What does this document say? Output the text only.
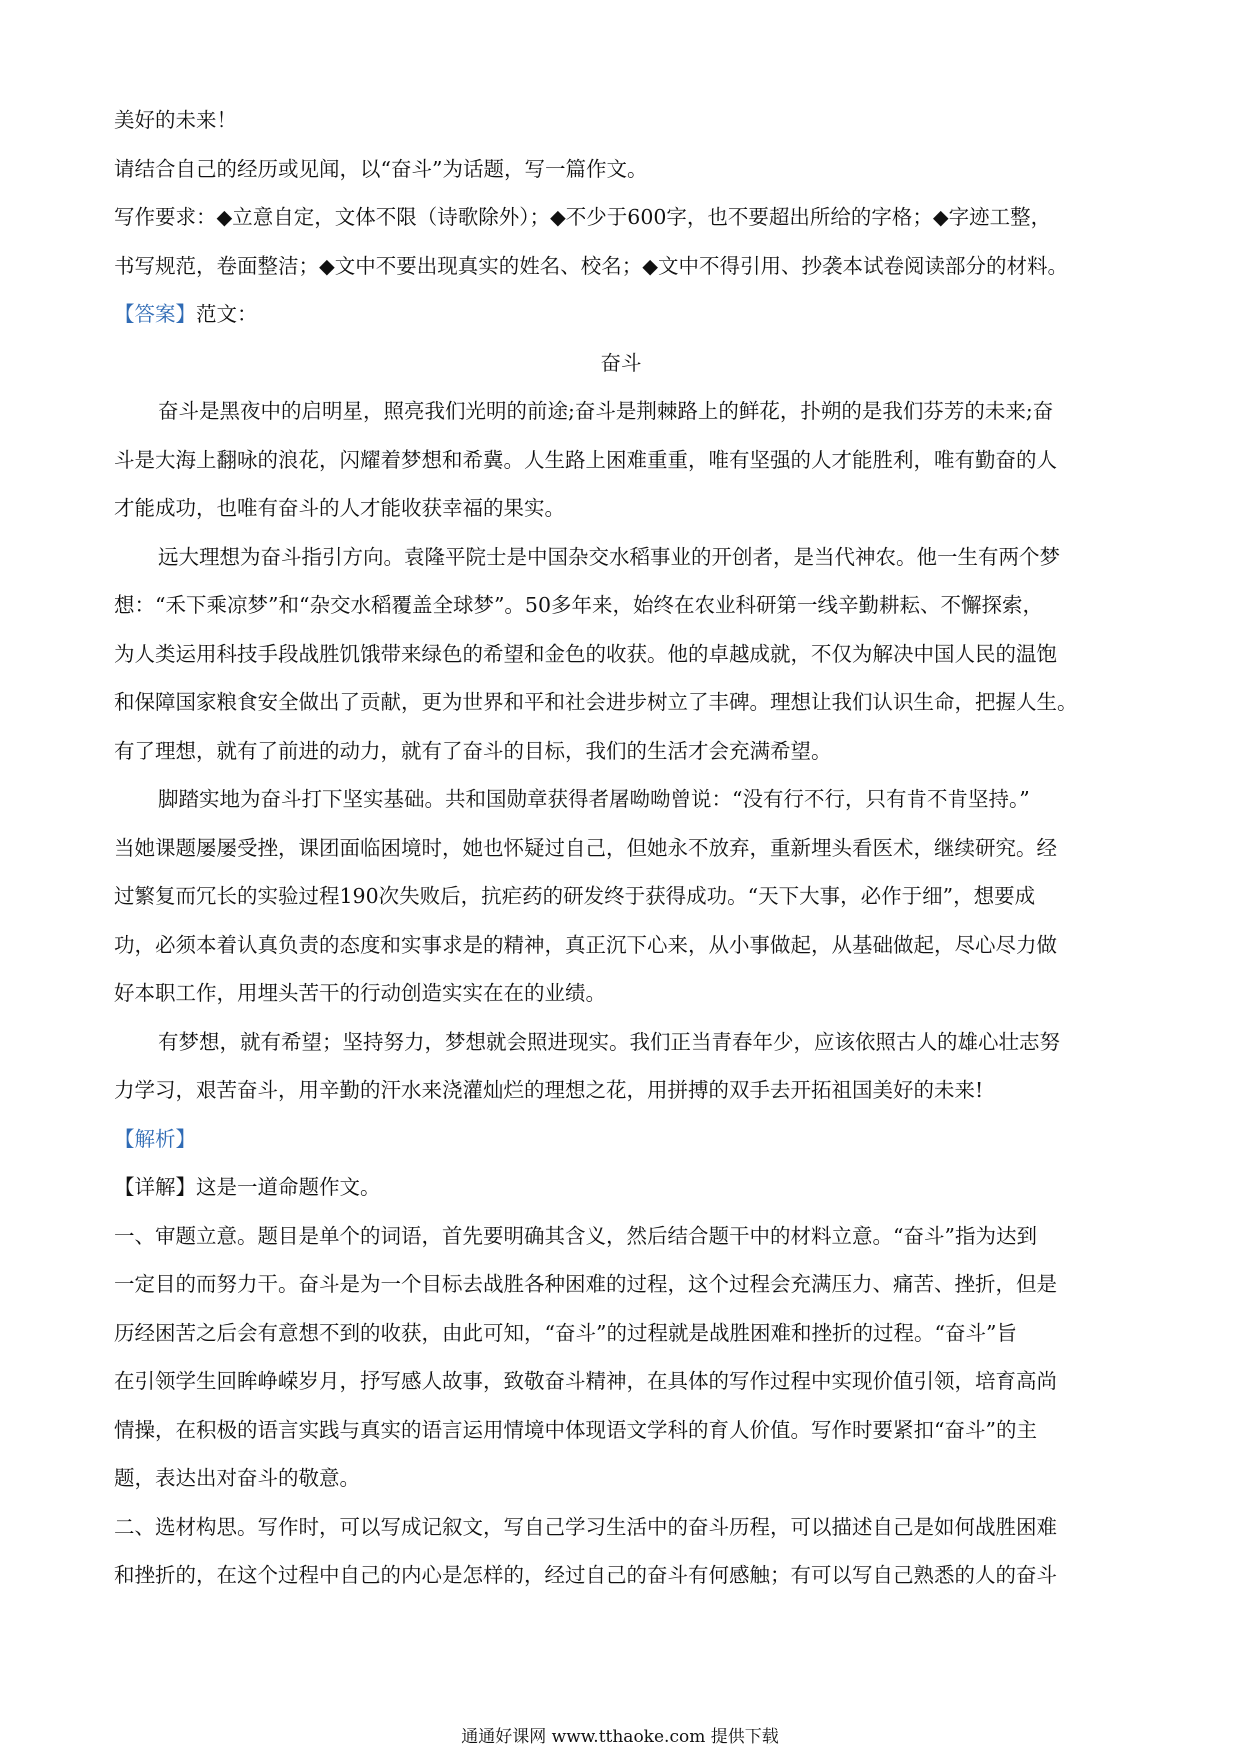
美好的未来！

请结合自己的经历或见闻，以“奋斗”为话题，写一篇作文。

写作要求：◆立意自定，文体不限（诗歌除外）；◆不少于600字，也不要超出所给的字格；◆字迹工整，

书写规范，卷面整洁；◆文中不要出现真实的姓名、校名；◆文中不得引用、抄袭本试卷阅读部分的材料。

【答案】范文：

奋斗

奋斗是黑夜中的启明星，照亮我们光明的前途;奋斗是荆棘路上的鲜花，扑朔的是我们芬芳的未来;奋

斗是大海上翻咏的浪花，闪耀着梦想和希冀。人生路上困难重重，唯有坚强的人才能胜利，唯有勤奋的人

才能成功，也唯有奋斗的人才能收获幸福的果实。

远大理想为奋斗指引方向。袁隆平院士是中国杂交水稻事业的开创者，是当代神农。他一生有两个梦

想：“禾下乘凉梦”和“杂交水稻覆盖全球梦”。50多年来，始终在农业科研第一线辛勤耕耘、不懈探索，

为人类运用科技手段战胜饥饿带来绿色的希望和金色的收获。他的卓越成就，不仅为解决中国人民的温饱

和保障国家粮食安全做出了贡献，更为世界和平和社会进步树立了丰碑。理想让我们认识生命，把握人生。

有了理想，就有了前进的动力，就有了奋斗的目标，我们的生活才会充满希望。

脚踏实地为奋斗打下坚实基础。共和国勋章获得者屠呦呦曾说：“没有行不行，只有肯不肯坚持。”

当她课题屡屡受挫，课团面临困境时，她也怀疑过自己，但她永不放弃，重新埋头看医术，继续研究。经

过繁复而冗长的实验过程190次失败后，抗疟药的研发终于获得成功。“天下大事，必作于细”，想要成

功，必须本着认真负责的态度和实事求是的精神，真正沉下心来，从小事做起，从基础做起，尽心尽力做

好本职工作，用埋头苦干的行动创造实实在在的业绩。

有梦想，就有希望；坚持努力，梦想就会照进现实。我们正当青春年少，应该依照古人的雄心壮志努

力学习，艰苦奋斗，用辛勤的汗水来浇灌灿烂的理想之花，用拼搏的双手去开拓祖国美好的未来!

【解析】

【详解】这是一道命题作文。

一、审题立意。题目是单个的词语，首先要明确其含义，然后结合题干中的材料立意。“奋斗”指为达到

一定目的而努力干。奋斗是为一个目标去战胜各种困难的过程，这个过程会充满压力、痛苦、挫折，但是

历经困苦之后会有意想不到的收获，由此可知，“奋斗”的过程就是战胜困难和挫折的过程。“奋斗”旨

在引领学生回眸峥嵘岁月，抒写感人故事，致敬奋斗精神，在具体的写作过程中实现价值引领，培育高尚

情操，在积极的语言实践与真实的语言运用情境中体现语文学科的育人价值。写作时要紧扣“奋斗”的主

题，表达出对奋斗的敬意。

二、选材构思。写作时，可以写成记叙文，写自己学习生活中的奋斗历程，可以描述自己是如何战胜困难

和挫折的，在这个过程中自己的内心是怎样的，经过自己的奋斗有何感触；有可以写自己熟悉的人的奋斗

通通好课网 www.tthaoke.com 提供下载
